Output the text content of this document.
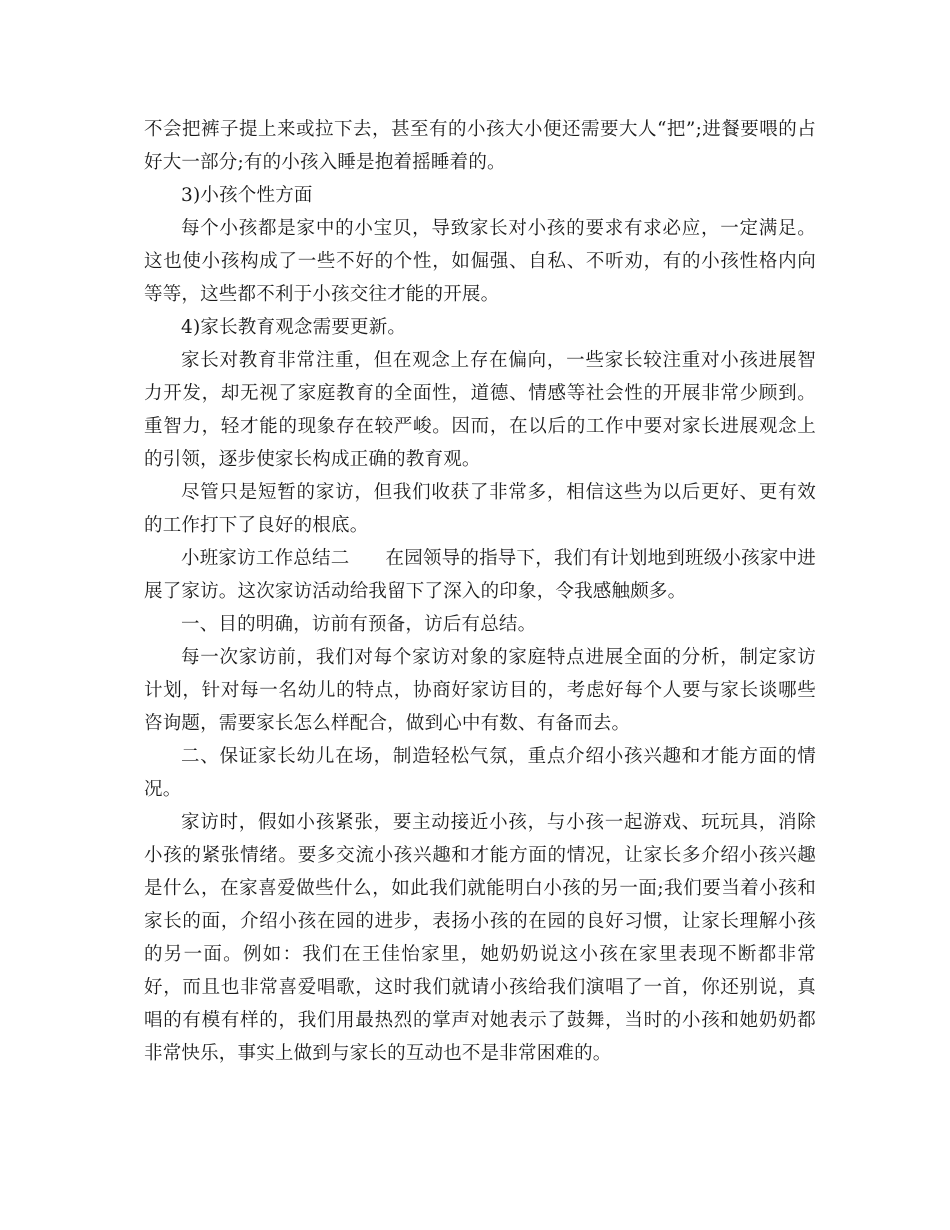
不会把裤子提上来或拉下去，甚至有的小孩大小便还需要大人“把”;进餐要喂的占好大一部分;有的小孩入睡是抱着摇睡着的。

3)小孩个性方面

每个小孩都是家中的小宝贝，导致家长对小孩的要求有求必应，一定满足。这也使小孩构成了一些不好的个性，如倔强、自私、不听劝，有的小孩性格内向等等，这些都不利于小孩交往才能的开展。

4)家长教育观念需要更新。

家长对教育非常注重，但在观念上存在偏向，一些家长较注重对小孩进展智力开发，却无视了家庭教育的全面性，道德、情感等社会性的开展非常少顾到。重智力，轻才能的现象存在较严峻。因而，在以后的工作中要对家长进展观念上的引领，逐步使家长构成正确的教育观。

尽管只是短暂的家访，但我们收获了非常多，相信这些为以后更好、更有效的工作打下了良好的根底。

小班家访工作总结二 在园领导的指导下，我们有计划地到班级小孩家中进展了家访。这次家访活动给我留下了深入的印象，令我感触颇多。

一、目的明确，访前有预备，访后有总结。

每一次家访前，我们对每个家访对象的家庭特点进展全面的分析，制定家访计划，针对每一名幼儿的特点，协商好家访目的，考虑好每个人要与家长谈哪些咨询题，需要家长怎么样配合，做到心中有数、有备而去。

二、保证家长幼儿在场，制造轻松气氛，重点介绍小孩兴趣和才能方面的情况。

家访时，假如小孩紧张，要主动接近小孩，与小孩一起游戏、玩玩具，消除小孩的紧张情绪。要多交流小孩兴趣和才能方面的情况，让家长多介绍小孩兴趣是什么，在家喜爱做些什么，如此我们就能明白小孩的另一面;我们要当着小孩和家长的面，介绍小孩在园的进步，表扬小孩的在园的良好习惯，让家长理解小孩的另一面。例如：我们在王佳怡家里，她奶奶说这小孩在家里表现不断都非常好，而且也非常喜爱唱歌，这时我们就请小孩给我们演唱了一首，你还别说，真唱的有模有样的，我们用最热烈的掌声对她表示了鼓舞，当时的小孩和她奶奶都非常快乐，事实上做到与家长的互动也不是非常困难的。
